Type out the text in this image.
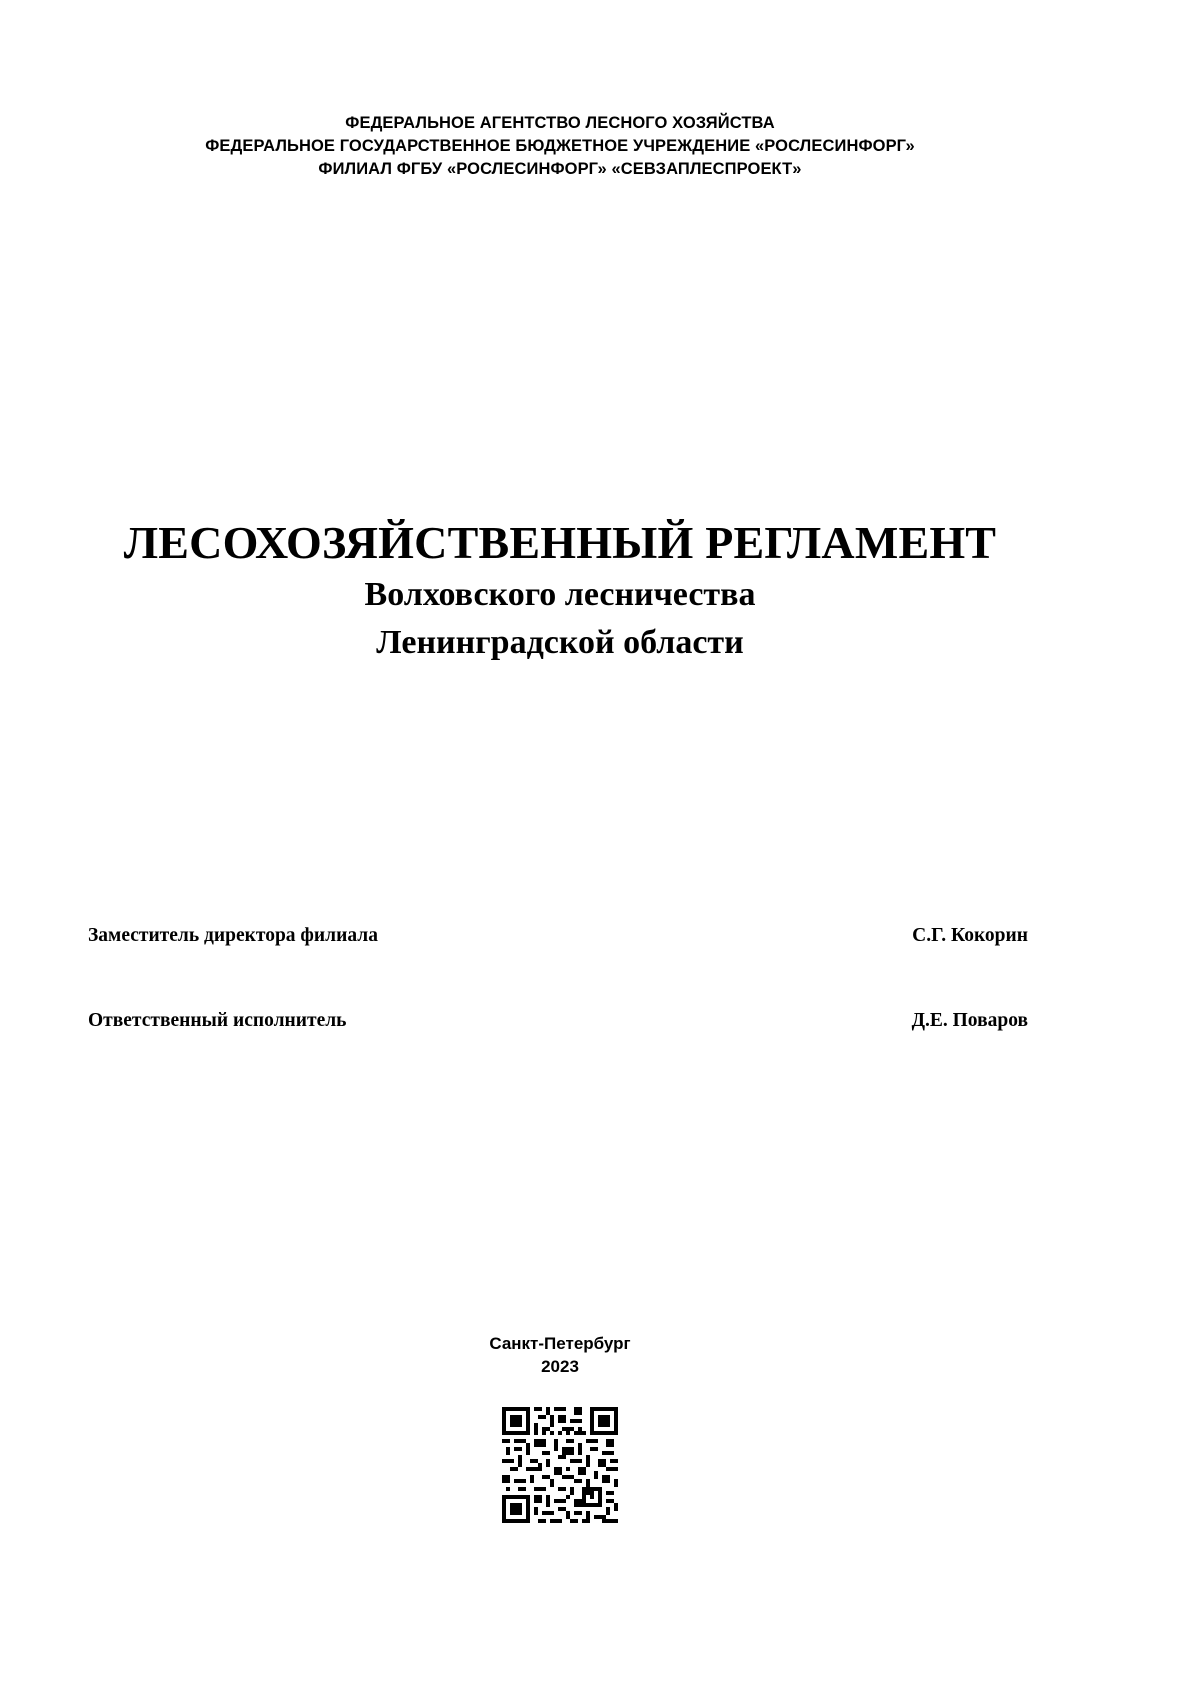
ФЕДЕРАЛЬНОЕ АГЕНТСТВО ЛЕСНОГО ХОЗЯЙСТВА
ФЕДЕРАЛЬНОЕ ГОСУДАРСТВЕННОЕ БЮДЖЕТНОЕ УЧРЕЖДЕНИЕ «РОСЛЕСИНФОРГ»
ФИЛИАЛ ФГБУ «РОСЛЕСИНФОРГ» «СЕВЗАПЛЕСПРОЕКТ»
ЛЕСОХОЗЯЙСТВЕННЫЙ РЕГЛАМЕНТ
Волховского лесничества
Ленинградской области
Заместитель директора филиала	С.Г. Кокорин
Ответственный исполнитель	Д.Е. Поваров
Санкт-Петербург
2023
